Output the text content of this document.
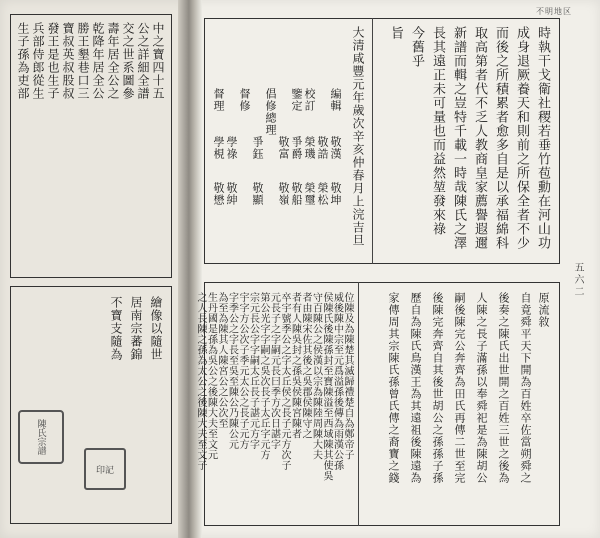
中之寶四十五
公之詳細全譜
交之世系圖參
壽年居全公之
乾降年居全公
勝王墾巷口三
寶叔英叔股叔
發王是也生子
兵部侍郎從生
生子孫為吏部
繪像以隨世
居南宗蕃錦
不寶支隨為
陳氏宗譜
印記
不明地区
五六二
時執干戈衛社稷若垂竹苞勳在河山功
成身退厥養天和則前之所保全者不少
而後之所積累者愈多自是以承福綿科
取高第者代不乏人教商皇家薦譽遐邇
新譜而輯之豈特千載一時哉陳氏之澤
長其遠正未可量也而益然堃發來祿
今舊乎
旨
大清咸豐元年歲次辛亥仲春月上浣吉旦
編輯
敬漢
敬坤
敬誥
榮松
校訂
榮璣
榮璽
鑒定
爭爵
敬船
敬富
敬嶺
倡修總理
爭鈺
敬顯
督修
學祿
敬紳
督理
學梘
敬懋
原流敘
自竟舜平天下開為百姓卒佐當朔舜之
後奏之陳氏出世開之百姓三世之後為
人陳之長子滿孫以奉舜祀是為陳胡公
嗣後陳完公奔齊為田氏再傳二世至完
後陳完奔齊自其後世胡公之孫孫子孫
歷自為陳氏鳥漢王為其遠祖後陳遠為
家傳周其宗陳氏孫曾氏傳之裔寶之錢
位陳及為陳楚其滅歸禮楚自為鄭帝子
威後陳中宗至元爲溢孫後傳為雨漢公孫
侯陳氏後陳孫封至寶陳溢至西域陳其使吳
守百陳公之侯漢以宗為陳陸周陳大夫
者由陳宋佐其後之吳郡侯陳守之
者有人陳吳封之孫吳侯陳宮陳者
卒宇號季公之字太丘侯之長子元方次子
元長子之字嗣元長曰季方次日諶字
第公光字字嗣之吳次長子太丘字元方
宗元長公字字嗣太丘長子諶元方字
宇字方公次子季元太公之長子元方
字季公之字長至吳至陳公乃陳公元
為至為陳其人陳宮公之公次至
生丹國是孫為吳公之後陳大夫至文元
之人長陳之孫為太公之後陳大夫至文子
